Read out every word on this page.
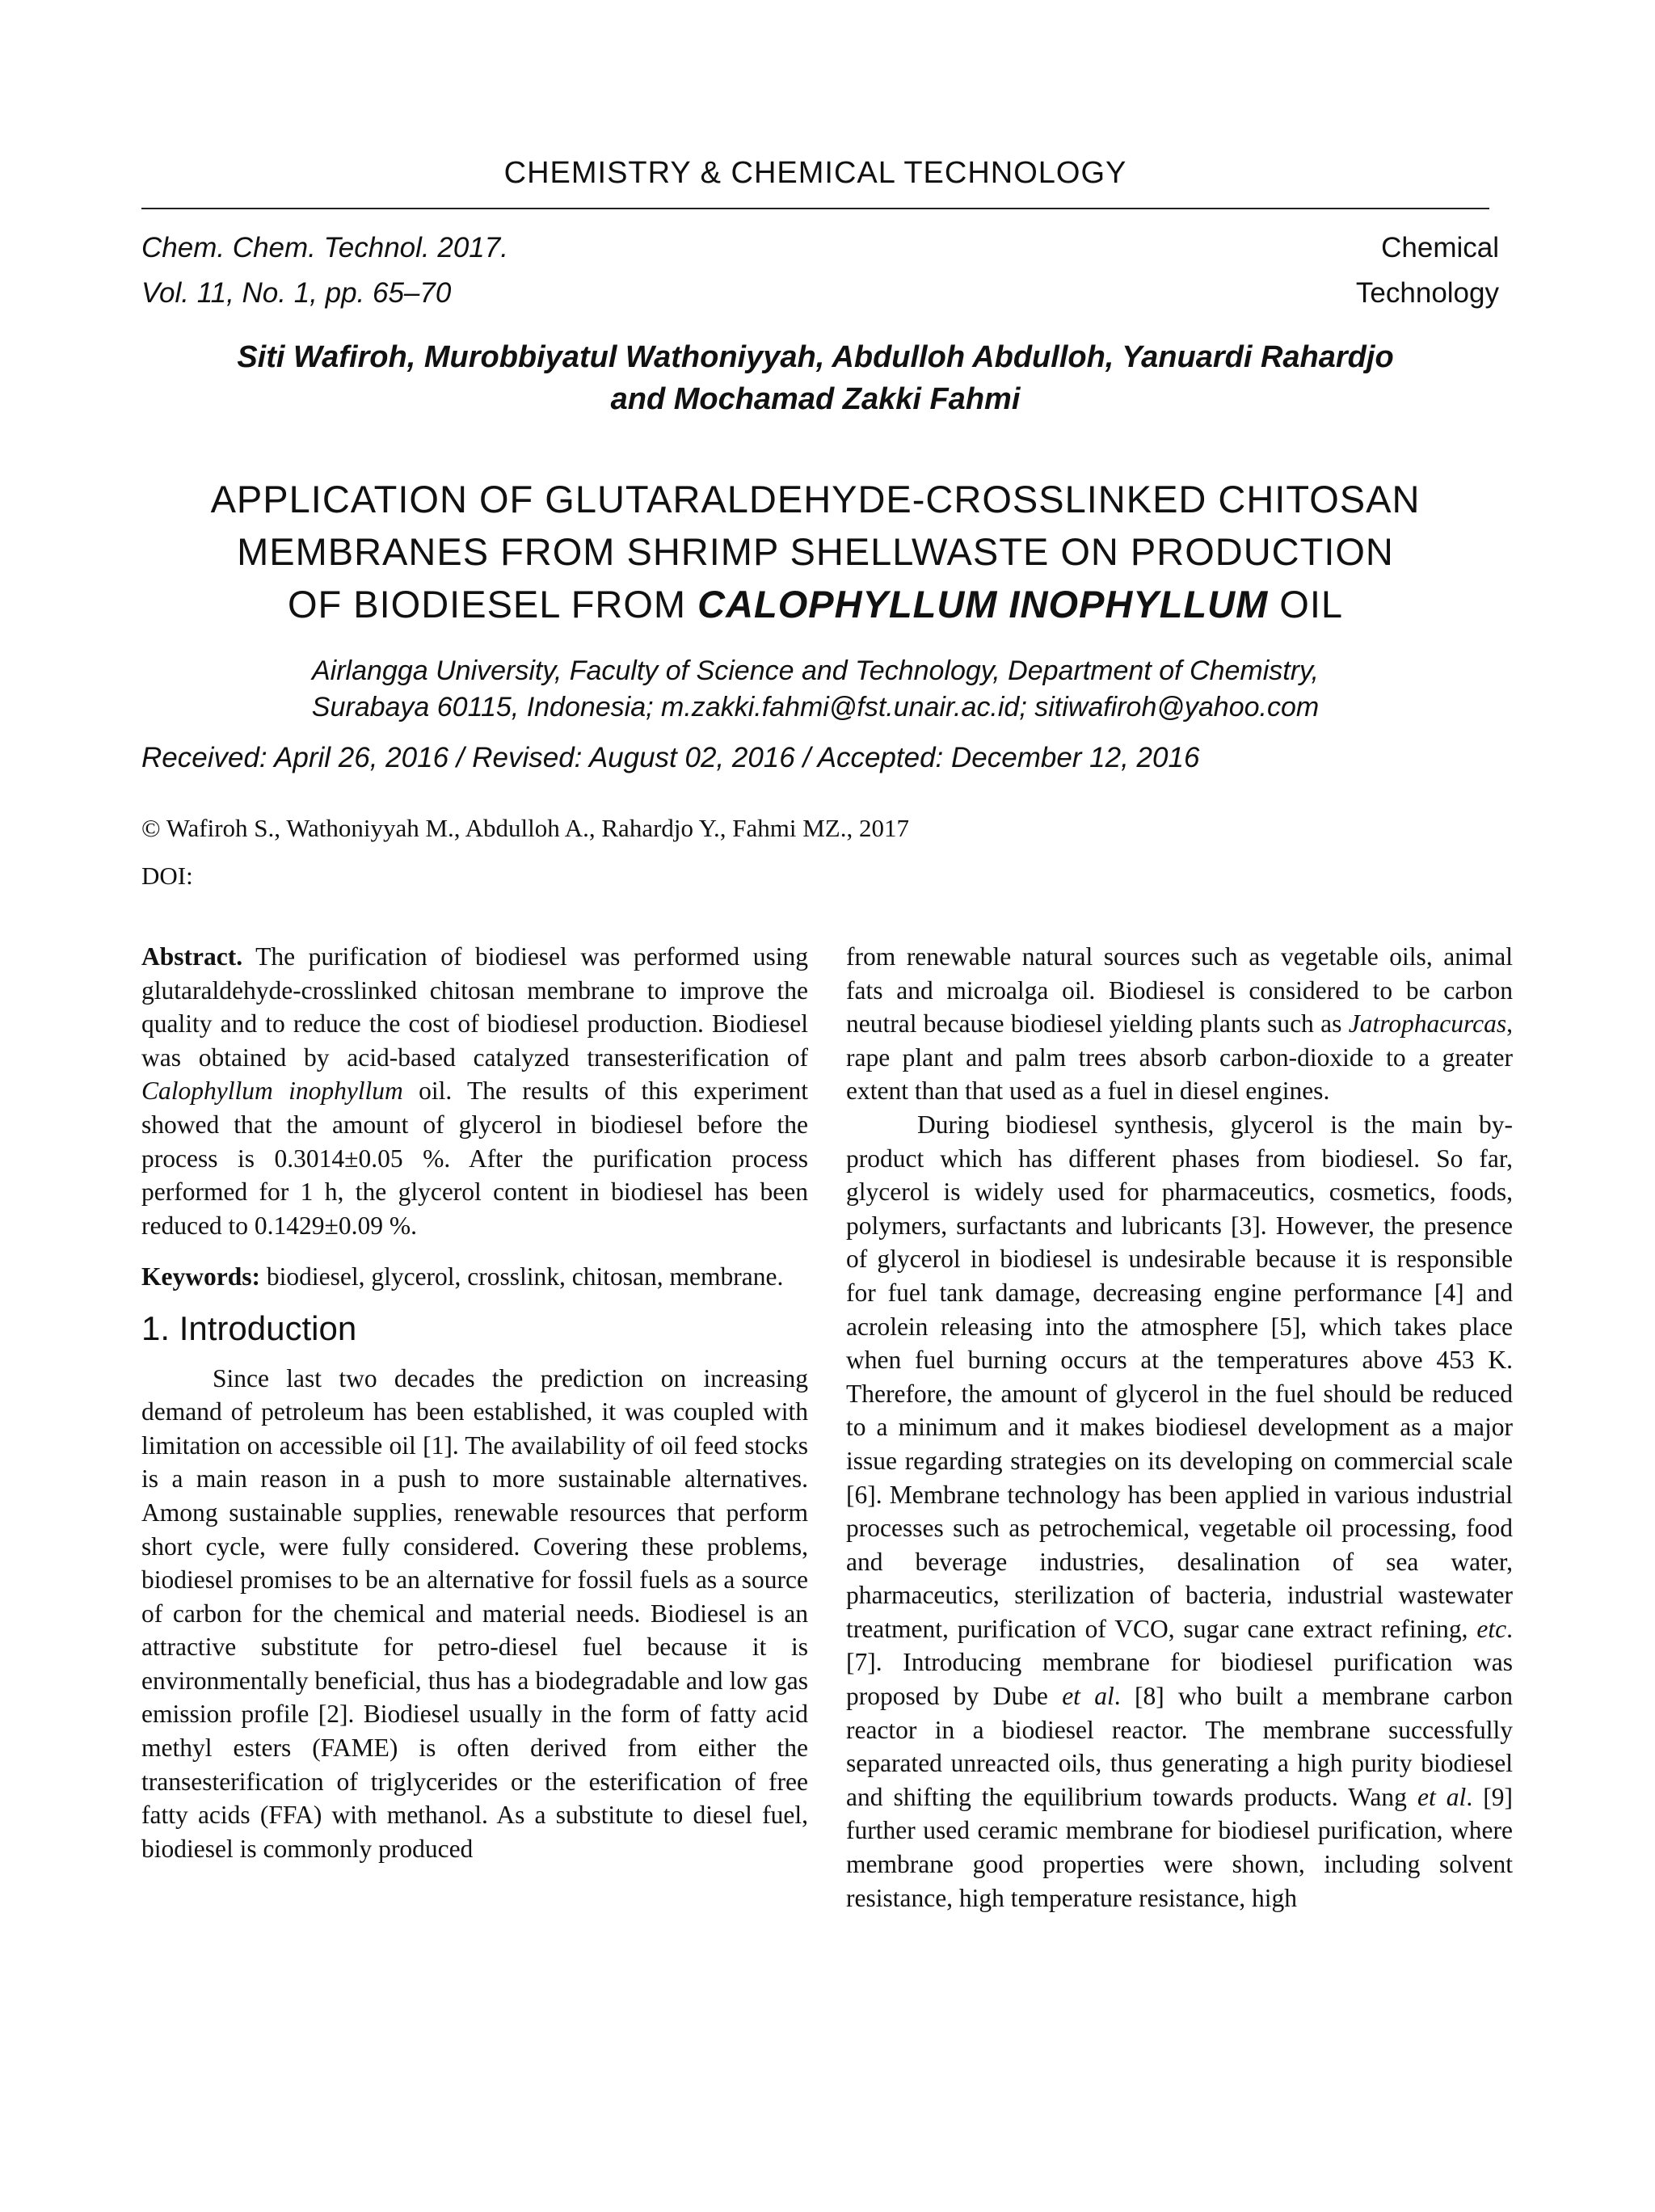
CHEMISTRY & CHEMICAL TECHNOLOGY
Chem. Chem. Technol. 2017.
Vol. 11, No. 1, pp. 65–70
Chemical
Technology
Siti Wafiroh, Murobbiyatul Wathoniyyah, Abdulloh Abdulloh, Yanuardi Rahardjo
and Mochamad Zakki Fahmi
APPLICATION OF GLUTARALDEHYDE-CROSSLINKED CHITOSAN
MEMBRANES FROM SHRIMP SHELLWASTE ON PRODUCTION
OF BIODIESEL FROM CALOPHYLLUM INOPHYLLUM OIL
Airlangga University, Faculty of Science and Technology, Department of Chemistry,
Surabaya 60115, Indonesia; m.zakki.fahmi@fst.unair.ac.id; sitiwafiroh@yahoo.com
Received: April 26, 2016 / Revised: August 02, 2016 / Accepted: December 12, 2016
© Wafiroh S., Wathoniyyah M., Abdulloh A., Rahardjo Y., Fahmi MZ., 2017
DOI:

Abstract. The purification of biodiesel was performed using glutaraldehyde-crosslinked chitosan membrane to improve the quality and to reduce the cost of biodiesel production. Biodiesel was obtained by acid-based catalyzed transesterification of Calophyllum inophyllum oil. The results of this experiment showed that the amount of glycerol in biodiesel before the process is 0.3014±0.05 %. After the purification process performed for 1 h, the glycerol content in biodiesel has been reduced to 0.1429±0.09 %.

Keywords: biodiesel, glycerol, crosslink, chitosan, membrane.

1. Introduction

Since last two decades the prediction on increasing demand of petroleum has been established, it was coupled with limitation on accessible oil [1]. The availability of oil feed stocks is a main reason in a push to more sustainable alternatives. Among sustainable supplies, renewable resources that perform short cycle, were fully considered. Covering these problems, biodiesel promises to be an alternative for fossil fuels as a source of carbon for the chemical and material needs. Biodiesel is an attractive substitute for petro-diesel fuel because it is environmentally beneficial, thus has a biodegradable and low gas emission profile [2]. Biodiesel usually in the form of fatty acid methyl esters (FAME) is often derived from either the transesterification of triglycerides or the esterification of free fatty acids (FFA) with methanol. As a substitute to diesel fuel, biodiesel is commonly produced

from renewable natural sources such as vegetable oils, animal fats and microalga oil. Biodiesel is considered to be carbon neutral because biodiesel yielding plants such as Jatrophacurcas, rape plant and palm trees absorb carbon-dioxide to a greater extent than that used as a fuel in diesel engines.

During biodiesel synthesis, glycerol is the main by-product which has different phases from biodiesel. So far, glycerol is widely used for pharmaceutics, cosmetics, foods, polymers, surfactants and lubricants [3]. However, the presence of glycerol in biodiesel is undesirable because it is responsible for fuel tank damage, decreasing engine performance [4] and acrolein releasing into the atmosphere [5], which takes place when fuel burning occurs at the temperatures above 453 K. Therefore, the amount of glycerol in the fuel should be reduced to a minimum and it makes biodiesel development as a major issue regarding strategies on its developing on commercial scale [6]. Membrane technology has been applied in various industrial processes such as petrochemical, vegetable oil processing, food and beverage industries, desalination of sea water, pharmaceutics, sterilization of bacteria, industrial wastewater treatment, purification of VCO, sugar cane extract refining, etc. [7]. Introducing membrane for biodiesel purification was proposed by Dube et al. [8] who built a membrane carbon reactor in a biodiesel reactor. The membrane successfully separated unreacted oils, thus generating a high purity biodiesel and shifting the equilibrium towards products. Wang et al. [9] further used ceramic membrane for biodiesel purification, where membrane good properties were shown, including solvent resistance, high temperature resistance, high
